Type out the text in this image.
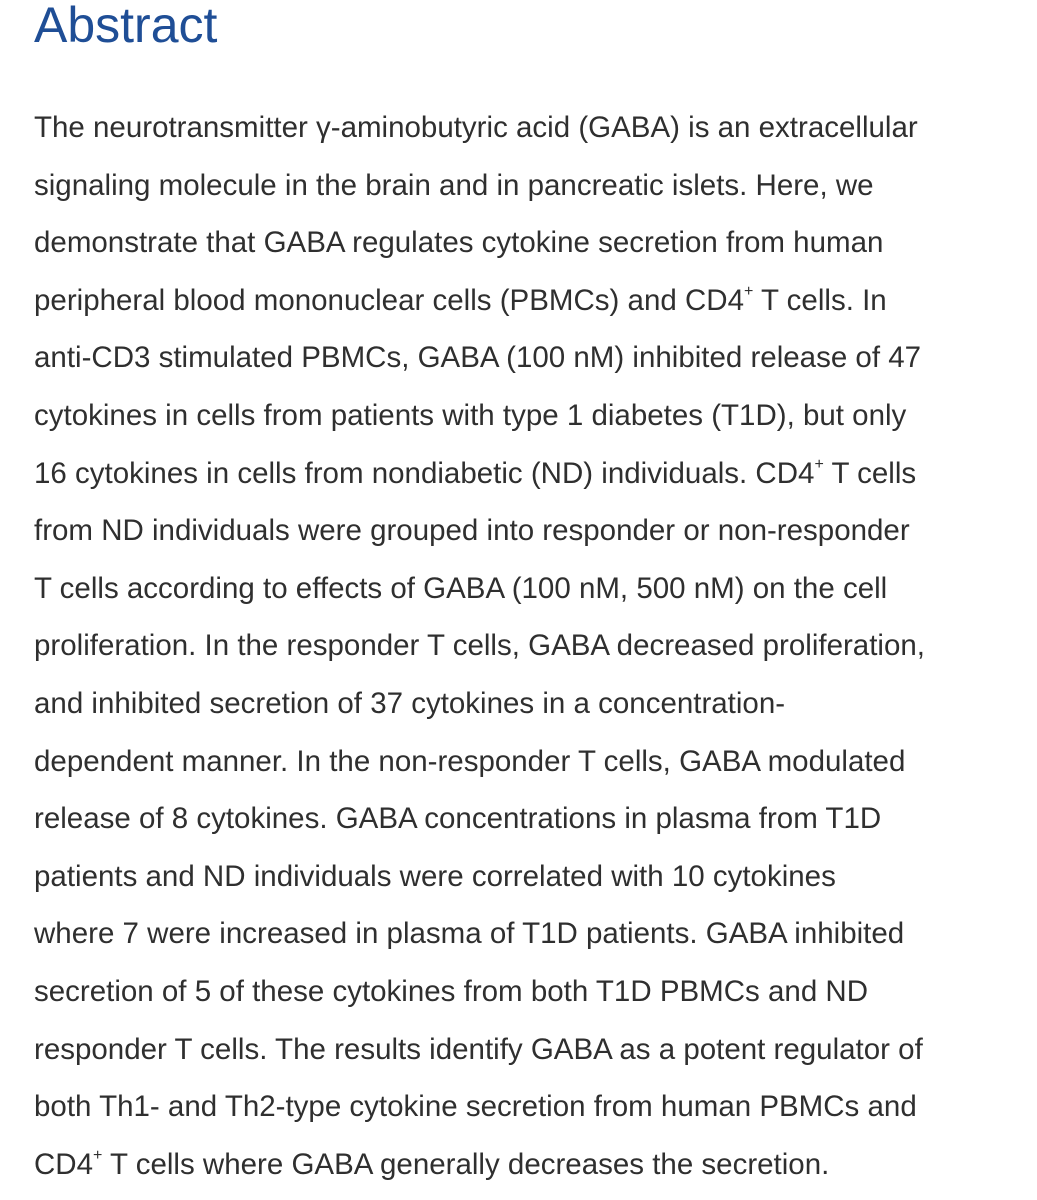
Abstract
The neurotransmitter γ-aminobutyric acid (GABA) is an extracellular
signaling molecule in the brain and in pancreatic islets. Here, we
demonstrate that GABA regulates cytokine secretion from human
peripheral blood mononuclear cells (PBMCs) and CD4+ T cells. In
anti-CD3 stimulated PBMCs, GABA (100 nM) inhibited release of 47
cytokines in cells from patients with type 1 diabetes (T1D), but only
16 cytokines in cells from nondiabetic (ND) individuals. CD4+ T cells
from ND individuals were grouped into responder or non-responder
T cells according to effects of GABA (100 nM, 500 nM) on the cell
proliferation. In the responder T cells, GABA decreased proliferation,
and inhibited secretion of 37 cytokines in a concentration-
dependent manner. In the non-responder T cells, GABA modulated
release of 8 cytokines. GABA concentrations in plasma from T1D
patients and ND individuals were correlated with 10 cytokines
where 7 were increased in plasma of T1D patients. GABA inhibited
secretion of 5 of these cytokines from both T1D PBMCs and ND
responder T cells. The results identify GABA as a potent regulator of
both Th1- and Th2-type cytokine secretion from human PBMCs and
CD4+ T cells where GABA generally decreases the secretion.
